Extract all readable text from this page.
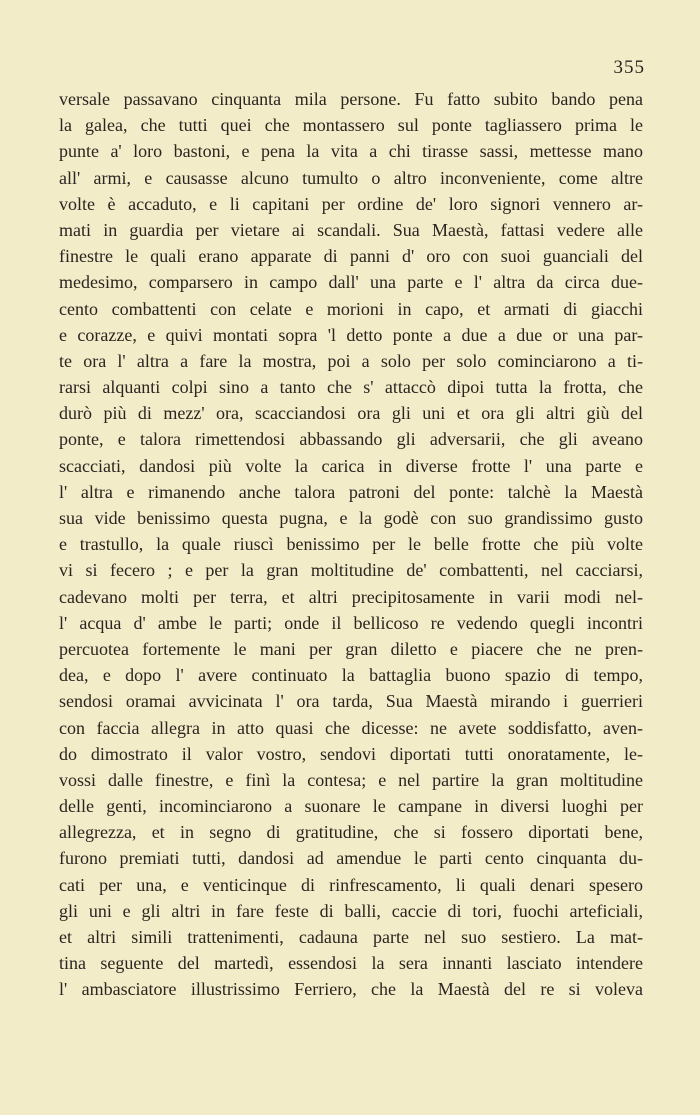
355
versale passavano cinquanta mila persone. Fu fatto subito bando pena
la galea, che tutti quei che montassero sul ponte tagliassero prima le
punte a' loro bastoni, e pena la vita a chi tirasse sassi, mettesse mano
all' armi, e causasse alcuno tumulto o altro inconveniente, come altre
volte è accaduto, e li capitani per ordine de' loro signori vennero ar-
mati in guardia per vietare ai scandali. Sua Maestà, fattasi vedere alle
finestre le quali erano apparate di panni d' oro con suoi guanciali del
medesimo, comparsero in campo dall' una parte e l' altra da circa due-
cento combattenti con celate e morioni in capo, et armati di giacchi
e corazze, e quivi montati sopra 'l detto ponte a due a due or una par-
te ora l' altra a fare la mostra, poi a solo per solo cominciarono a ti-
rarsi alquanti colpi sino a tanto che s' attaccò dipoi tutta la frotta, che
durò più di mezz' ora, scacciandosi ora gli uni et ora gli altri giù del
ponte, e talora rimettendosi abbassando gli adversarii, che gli aveano
scacciati, dandosi più volte la carica in diverse frotte l' una parte e
l' altra e rimanendo anche talora patroni del ponte: talchè la Maestà
sua vide benissimo questa pugna, e la godè con suo grandissimo gusto
e trastullo, la quale riuscì benissimo per le belle frotte che più volte
vi si fecero ; e per la gran moltitudine de' combattenti, nel cacciarsi,
cadevano molti per terra, et altri precipitosamente in varii modi nel-
l' acqua d' ambe le parti; onde il bellicoso re vedendo quegli incontri
percuotea fortemente le mani per gran diletto e piacere che ne pren-
dea, e dopo l' avere continuato la battaglia buono spazio di tempo,
sendosi oramai avvicinata l' ora tarda, Sua Maestà mirando i guerrieri
con faccia allegra in atto quasi che dicesse: ne avete soddisfatto, aven-
do dimostrato il valor vostro, sendovi diportati tutti onoratamente, le-
vossi dalle finestre, e finì la contesa; e nel partire la gran moltitudine
delle genti, incominciarono a suonare le campane in diversi luoghi per
allegrezza, et in segno di gratitudine, che si fossero diportati bene,
furono premiati tutti, dandosi ad amendue le parti cento cinquanta du-
cati per una, e venticinque di rinfrescamento, li quali denari spesero
gli uni e gli altri in fare feste di balli, caccie di tori, fuochi arteficiali,
et altri simili trattenimenti, cadauna parte nel suo sestiero. La mat-
tina seguente del martedì, essendosi la sera innanti lasciato intendere
l' ambasciatore illustrissimo Ferriero, che la Maestà del re si voleva
